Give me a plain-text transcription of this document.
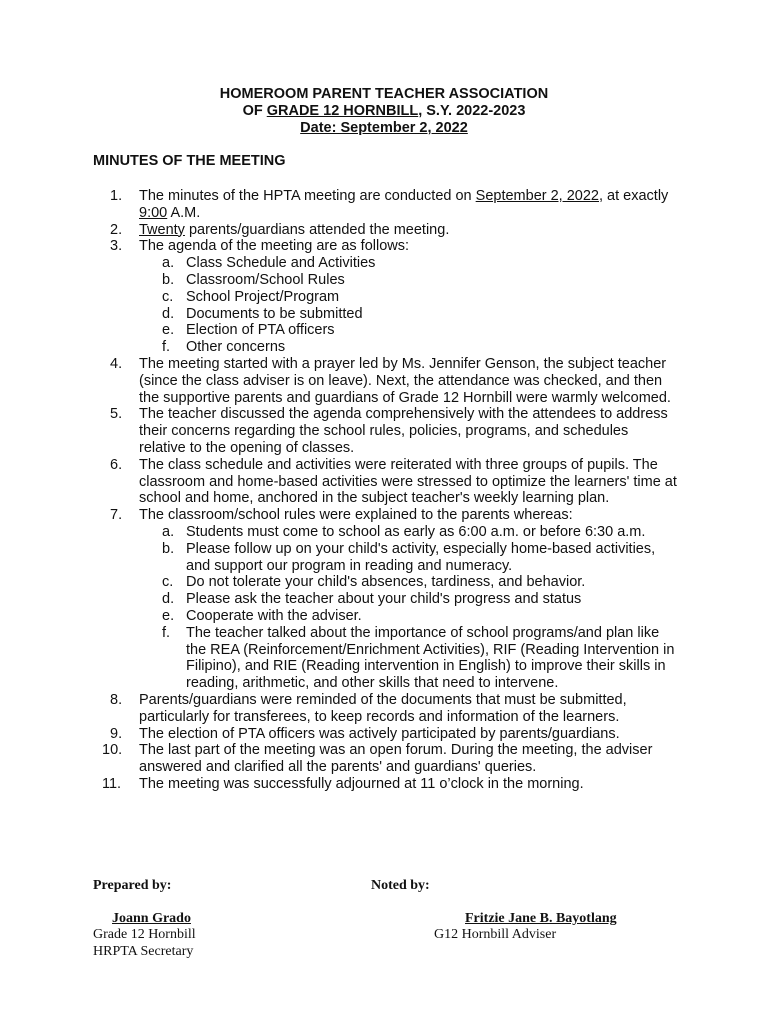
HOMEROOM PARENT TEACHER ASSOCIATION
OF GRADE 12 HORNBILL, S.Y. 2022-2023
Date: September 2, 2022
MINUTES OF THE MEETING
1.	The minutes of the HPTA meeting are conducted on September 2, 2022, at exactly 9:00 A.M.
2.	Twenty parents/guardians attended the meeting.
3.	The agenda of the meeting are as follows:
a. Class Schedule and Activities
b. Classroom/School Rules
c. School Project/Program
d. Documents to be submitted
e. Election of PTA officers
f. Other concerns
4.	The meeting started with a prayer led by Ms. Jennifer Genson, the subject teacher (since the class adviser is on leave). Next, the attendance was checked, and then the supportive parents and guardians of Grade 12 Hornbill were warmly welcomed.
5.	The teacher discussed the agenda comprehensively with the attendees to address their concerns regarding the school rules, policies, programs, and schedules relative to the opening of classes.
6.	The class schedule and activities were reiterated with three groups of pupils. The classroom and home-based activities were stressed to optimize the learners' time at school and home, anchored in the subject teacher's weekly learning plan.
7.	The classroom/school rules were explained to the parents whereas:
a. Students must come to school as early as 6:00 a.m. or before 6:30 a.m.
b. Please follow up on your child's activity, especially home-based activities, and support our program in reading and numeracy.
c. Do not tolerate your child's absences, tardiness, and behavior.
d. Please ask the teacher about your child's progress and status
e. Cooperate with the adviser.
f. The teacher talked about the importance of school programs/and plan like the REA (Reinforcement/Enrichment Activities), RIF (Reading Intervention in Filipino), and RIE (Reading intervention in English) to improve their skills in reading, arithmetic, and other skills that need to intervene.
8.	Parents/guardians were reminded of the documents that must be submitted, particularly for transferees, to keep records and information of the learners.
9.	The election of PTA officers was actively participated by parents/guardians.
10.	The last part of the meeting was an open forum. During the meeting, the adviser answered and clarified all the parents' and guardians' queries.
11.	The meeting was successfully adjourned at 11 o’clock in the morning.
Prepared by:	Noted by:
Joann Grado
Grade 12 Hornbill
HRPTA Secretary
Fritzie Jane B. Bayotlang
G12 Hornbill Adviser
